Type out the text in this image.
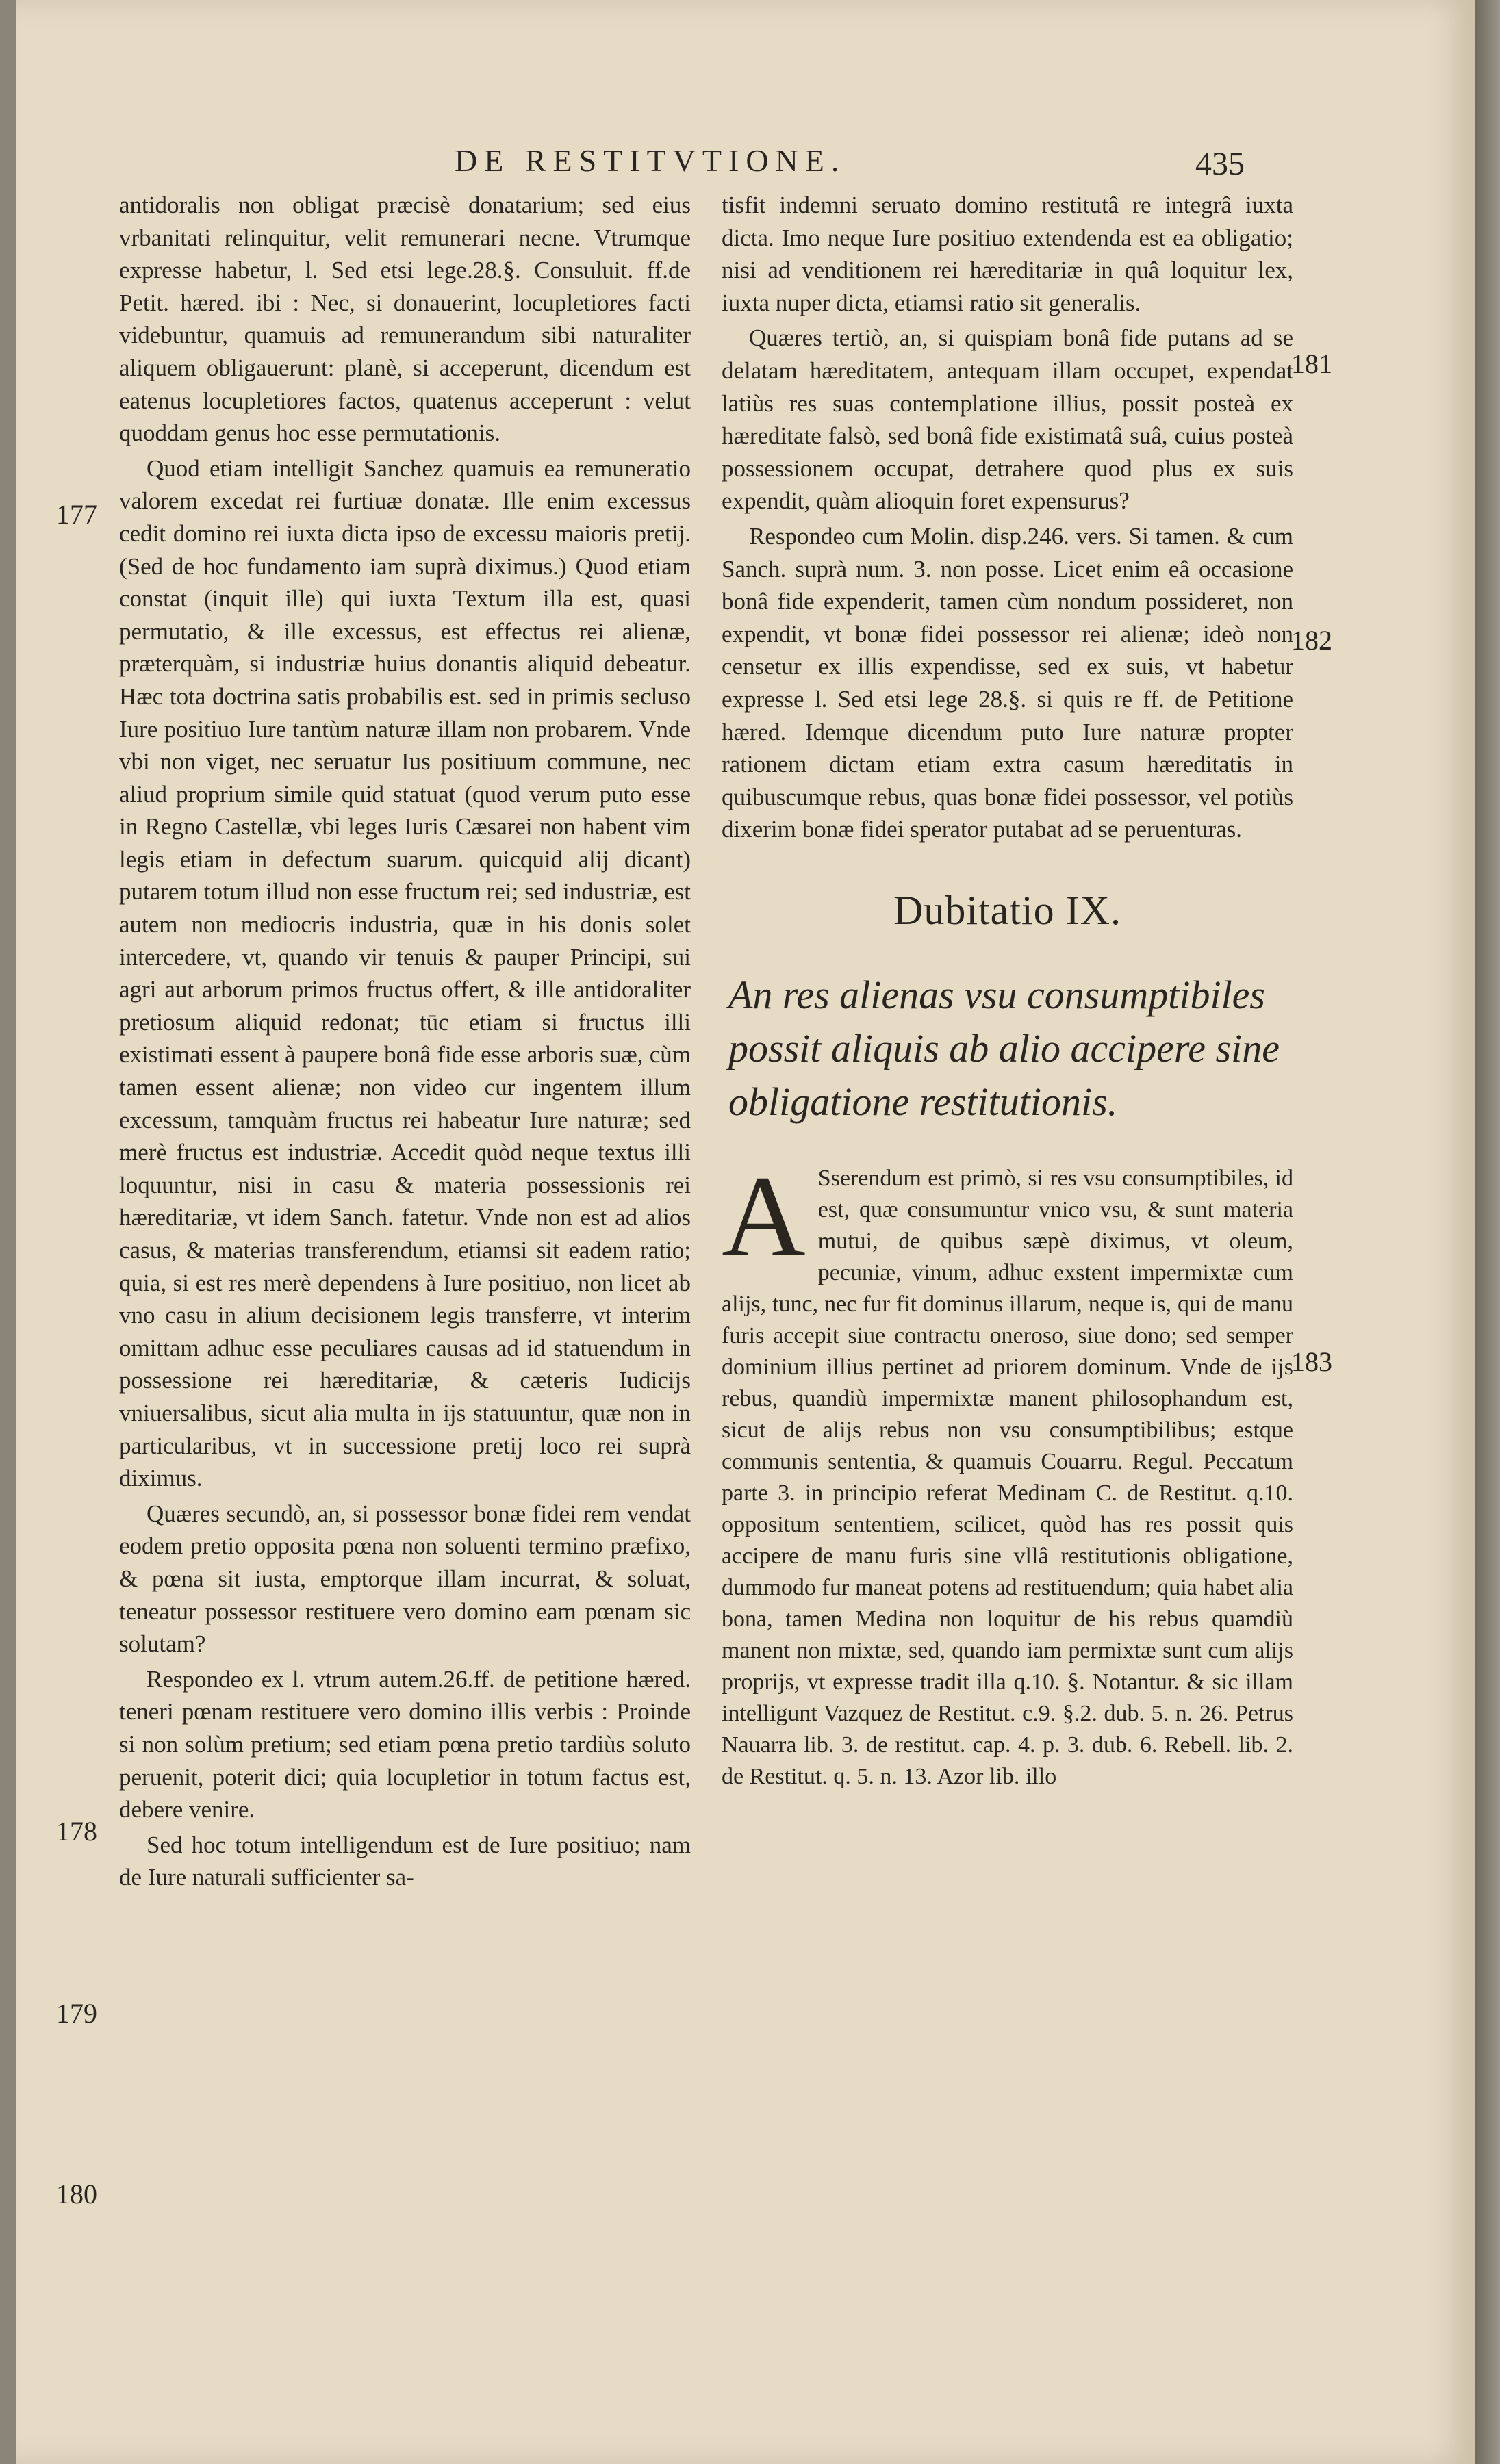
DE RESTITVTIONE.	435

antidoralis non obligat præcisè donatarium; sed eius vrbanitati relinquitur, velit remunerari necne. Vtrumque expresse habetur, l. Sed etsi lege.28.§. Consuluit. ff.de Petit. hæred. ibi : Nec, si donauerint, locupletiores facti videbuntur, quamuis ad remunerandum sibi naturaliter aliquem obligauerunt: planè, si acceperunt, dicendum est eatenus locupletiores factos, quatenus acceperunt : velut quoddam genus hoc esse permutationis.

Quod etiam intelligit Sanchez quamuis ea remuneratio valorem excedat rei furtiuæ donatæ. Ille enim excessus cedit domino rei iuxta dicta ipso de excessu maioris pretij. (Sed de hoc fundamento iam suprà diximus.) Quod etiam constat (inquit ille) qui iuxta Textum illa est, quasi permutatio, & ille excessus, est effectus rei alienæ, præterquàm, si industriæ huius donantis aliquid debeatur. Hæc tota doctrina satis probabilis est. sed in primis secluso Iure positiuo Iure tantùm naturæ illam non probarem. Vnde vbi non viget, nec seruatur Ius positiuum commune, nec aliud proprium simile quid statuat (quod verum puto esse in Regno Castellæ, vbi leges Iuris Cæsarei non habent vim legis etiam in defectum suarum. quicquid alij dicant) putarem totum illud non esse fructum rei; sed industriæ, est autem non mediocris industria, quæ in his donis solet intercedere, vt, quando vir tenuis & pauper Principi, sui agri aut arborum primos fructus offert, & ille antidoraliter pretiosum aliquid redonat; tūc etiam si fructus illi existimati essent à paupere bonâ fide esse arboris suæ, cùm tamen essent alienæ; non video cur ingentem illum excessum, tamquàm fructus rei habeatur Iure naturæ; sed merè fructus est industriæ. Accedit quòd neque textus illi loquuntur, nisi in casu & materia possessionis rei hæreditariæ, vt idem Sanch. fatetur. Vnde non est ad alios casus, & materias transferendum, etiamsi sit eadem ratio; quia, si est res merè dependens à Iure positiuo, non licet ab vno casu in alium decisionem legis transferre, vt interim omittam adhuc esse peculiares causas ad id statuendum in possessione rei hæreditariæ, & cæteris Iudicijs vniuersalibus, sicut alia multa in ijs statuuntur, quæ non in particularibus, vt in successione pretij loco rei suprà diximus.

Quæres secundò, an, si possessor bonæ fidei rem vendat eodem pretio opposita pœna non soluenti termino præfixo, & pœna sit iusta, emptorque illam incurrat, & soluat, teneatur possessor restituere vero domino eam pœnam sic solutam?

Respondeo ex l. vtrum autem.26.ff. de petitione hæred. teneri pœnam restituere vero domino illis verbis : Proinde si non solùm pretium; sed etiam pœna pretio tardiùs soluto peruenit, poterit dici; quia locupletior in totum factus est, debere venire.

Sed hoc totum intelligendum est de Iure positiuo; nam de Iure naturali sufficienter sa-

tisfit indemni seruato domino restitutâ re integrâ iuxta dicta. Imo neque Iure positiuo extendenda est ea obligatio; nisi ad venditionem rei hæreditariæ in quâ loquitur lex, iuxta nuper dicta, etiamsi ratio sit generalis.

Quæres tertiò, an, si quispiam bonâ fide putans ad se delatam hæreditatem, antequam illam occupet, expendat latiùs res suas contemplatione illius, possit posteà ex hæreditate falsò, sed bonâ fide existimatâ suâ, cuius posteà possessionem occupat, detrahere quod plus ex suis expendit, quàm alioquin foret expensurus?

Respondeo cum Molin. disp.246. vers. Si tamen. & cum Sanch. suprà num. 3. non posse. Licet enim eâ occasione bonâ fide expenderit, tamen cùm nondum possideret, non expendit, vt bonæ fidei possessor rei alienæ; ideò non censetur ex illis expendisse, sed ex suis, vt habetur expresse l. Sed etsi lege 28.§. si quis re ff. de Petitione hæred. Idemque dicendum puto Iure naturæ propter rationem dictam etiam extra casum hæreditatis in quibuscumque rebus, quas bonæ fidei possessor, vel potiùs dixerim bonæ fidei sperator putabat ad se peruenturas.

Dubitatio IX.
An res alienas vsu consumptibiles possit aliquis ab alio accipere sine obligatione restitutionis.

A Sserendum est primò, si res vsu consumptibiles, id est, quæ consumuntur vnico vsu, & sunt materia mutui, de quibus sæpè diximus, vt oleum, pecuniæ, vinum, adhuc exstent impermixtæ cum alijs, tunc, nec fur fit dominus illarum, neque is, qui de manu furis accepit siue contractu oneroso, siue dono; sed semper dominium illius pertinet ad priorem dominum. Vnde de ijs rebus, quandiù impermixtæ manent philosophandum est, sicut de alijs rebus non vsu consumptibilibus; estque communis sententia, & quamuis Couarru. Regul. Peccatum parte 3. in principio referat Medinam C. de Restitut. q.10. oppositum sententiem, scilicet, quòd has res possit quis accipere de manu furis sine vllâ restitutionis obligatione, dummodo fur maneat potens ad restituendum; quia habet alia bona, tamen Medina non loquitur de his rebus quamdiù manent non mixtæ, sed, quando iam permixtæ sunt cum alijs proprijs, vt expresse tradit illa q.10. §. Notantur. & sic illam intelligunt Vazquez de Restitut. c.9. §.2. dub. 5. n. 26. Petrus Nauarra lib. 3. de restitut. cap. 4. p. 3. dub. 6. Rebell. lib. 2. de Restitut. q. 5. n. 13. Azor lib. illo

177
178
179
180
181
182
183
